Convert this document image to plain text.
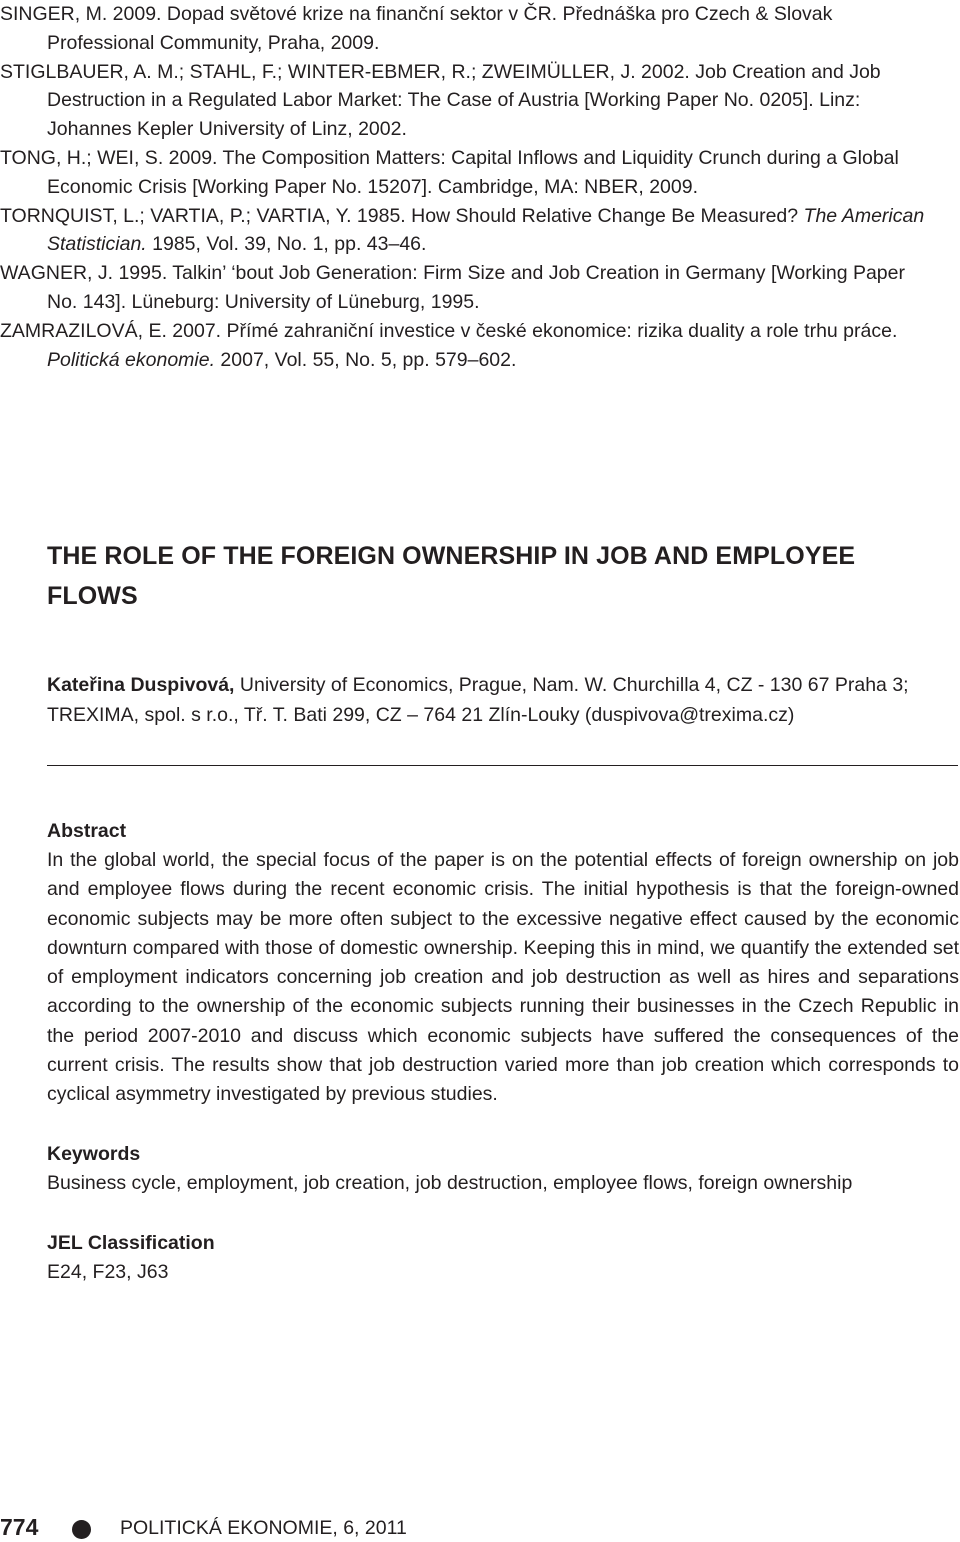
SINGER, M. 2009. Dopad světové krize na finanční sektor v ČR. Přednáška pro Czech & Slovak Professional Community, Praha, 2009.
STIGLBAUER, A. M.; STAHL, F.; WINTER-EBMER, R.; ZWEIMÜLLER, J. 2002. Job Creation and Job Destruction in a Regulated Labor Market: The Case of Austria [Working Paper No. 0205]. Linz: Johannes Kepler University of Linz, 2002.
TONG, H.; WEI, S. 2009. The Composition Matters: Capital Inflows and Liquidity Crunch during a Global Economic Crisis [Working Paper No. 15207]. Cambridge, MA: NBER, 2009.
TORNQUIST, L.; VARTIA, P.; VARTIA, Y. 1985. How Should Relative Change Be Measured? The American Statistician. 1985, Vol. 39, No. 1, pp. 43–46.
WAGNER, J. 1995. Talkin’ ‘bout Job Generation: Firm Size and Job Creation in Germany [Working Paper No. 143]. Lüneburg: University of Lüneburg, 1995.
ZAMRAZILOVÁ, E. 2007. Přímé zahraniční investice v české ekonomice: rizika duality a role trhu práce. Politická ekonomie. 2007, Vol. 55, No. 5, pp. 579–602.
THE ROLE OF THE FOREIGN OWNERSHIP IN JOB AND EMPLOYEE FLOWS
Kateřina Duspivová, University of Economics, Prague, Nam. W. Churchilla 4, CZ - 130 67 Praha 3; TREXIMA, spol. s r.o., Tř. T. Bati 299, CZ – 764 21 Zlín-Louky (duspivova@trexima.cz)
Abstract
In the global world, the special focus of the paper is on the potential effects of foreign ownership on job and employee flows during the recent economic crisis. The initial hypothesis is that the foreign-owned economic subjects may be more often subject to the excessive negative effect caused by the economic downturn compared with those of domestic ownership. Keeping this in mind, we quantify the extended set of employment indicators concerning job creation and job destruction as well as hires and separations according to the ownership of the economic subjects running their businesses in the Czech Republic in the period 2007-2010 and discuss which economic subjects have suffered the consequences of the current crisis. The results show that job destruction varied more than job creation which corresponds to cyclical asymmetry investigated by previous studies.
Keywords
Business cycle, employment, job creation, job destruction, employee flows, foreign ownership
JEL Classification
E24, F23, J63
774	POLITICKÁ EKONOMIE, 6, 2011
